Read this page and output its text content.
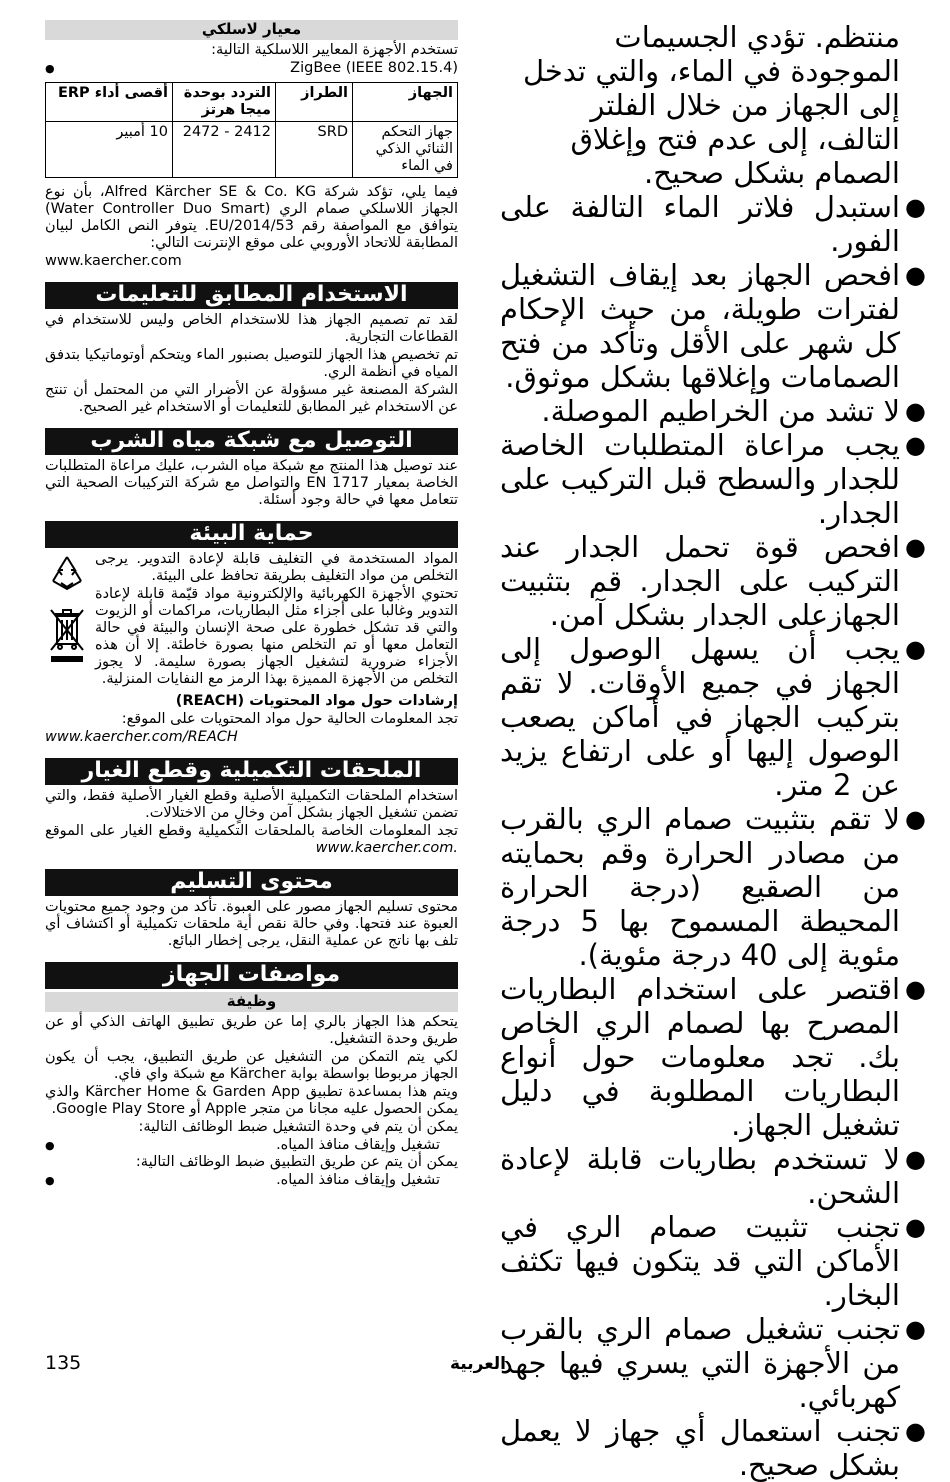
معيار لاسلكي
تستخدم الأجهزة المعايير اللاسلكية التالية:
ZigBee (IEEE 802.15.4) ●
الجهاز	الطراز	التردد بوحدة ميجا هرتز	أقصى أداء ERP
جهاز التحكم الثنائي الذكي في الماء	SRD	2412 - 2472	10 أمبير
فيما يلي، تؤكد شركة Alfred Kärcher SE & Co. KG، بأن نوع الجهاز اللاسلكي صمام الري (Water Controller Duo Smart) يتوافق مع المواصفة رقم EU/2014/53. يتوفر النص الكامل لبيان المطابقة للاتحاد الأوروبي على موقع الإنترنت التالي:
www.kaercher.com
الاستخدام المطابق للتعليمات
لقد تم تصميم الجهاز هذا للاستخدام الخاص وليس للاستخدام في القطاعات التجارية.
تم تخصيص هذا الجهاز للتوصيل بصنبور الماء ويتحكم أوتوماتيكيا بتدفق المياه في أنظمة الري.
الشركة المصنعة غير مسؤولة عن الأضرار التي من المحتمل أن تنتج عن الاستخدام غير المطابق للتعليمات أو الاستخدام غير الصحيح.
التوصيل مع شبكة مياه الشرب
عند توصيل هذا المنتج مع شبكة مياه الشرب، عليك مراعاة المتطلبات الخاصة بمعيار EN 1717 والتواصل مع شركة التركيبات الصحية التي تتعامل معها في حالة وجود أسئلة.
حماية البيئة
المواد المستخدمة في التغليف قابلة لإعادة التدوير. يرجى التخلص من مواد التغليف بطريقة تحافظ على البيئة.
تحتوي الأجهزة الكهربائية والإلكترونية مواد قيّمة قابلة لإعادة التدوير وغالبا على أجزاء مثل البطاريات، مراكمات أو الزيوت والتي قد تشكل خطورة على صحة الإنسان والبيئة في حالة التعامل معها أو تم التخلص منها بصورة خاطئة. إلا أن هذه الأجزاء ضرورية لتشغيل الجهاز بصورة سليمة. لا يجوز التخلص من الأجهزة المميزة بهذا الرمز مع النفايات المنزلية.
إرشادات حول مواد المحتويات (REACH)
تجد المعلومات الحالية حول مواد المحتويات على الموقع:
www.kaercher.com/REACH
الملحقات التكميلية وقطع الغيار
استخدام الملحقات التكميلية الأصلية وقطع الغيار الأصلية فقط، والتي تضمن تشغيل الجهاز بشكل آمن وخالٍ من الاختلالات.
تجد المعلومات الخاصة بالملحقات التكميلية وقطع الغيار على الموقع www.kaercher.com.
محتوى التسليم
محتوى تسليم الجهاز مصور على العبوة. تأكد من وجود جميع محتويات العبوة عند فتحها. وفي حالة نقص أية ملحقات تكميلية أو اكتشاف أي تلف بها ناتج عن عملية النقل، يرجى إخطار البائع.
مواصفات الجهاز
وظيفة
يتحكم هذا الجهاز بالري إما عن طريق تطبيق الهاتف الذكي أو عن طريق وحدة التشغيل.
لكي يتم التمكن من التشغيل عن طريق التطبيق، يجب أن يكون الجهاز مربوطا بواسطة بوابة Kärcher مع شبكة واي فاي.
ويتم هذا بمساعدة تطبيق Kärcher Home & Garden App والذي يمكن الحصول عليه مجانا من متجر Apple أو Google Play Store.
يمكن أن يتم في وحدة التشغيل ضبط الوظائف التالية:
تشغيل وإيقاف منافذ المياه. ●
يمكن أن يتم عن طريق التطبيق ضبط الوظائف التالية:
تشغيل وإيقاف منافذ المياه. ●
منتظم. تؤدي الجسيمات الموجودة في الماء، والتي تدخل إلى الجهاز من خلال الفلتر التالف، إلى عدم فتح وإغلاق الصمام بشكل صحيح.
●
استبدل فلاتر الماء التالفة على الفور.
●
افحص الجهاز بعد إيقاف التشغيل لفترات طويلة، من حيث الإحكام كل شهر على الأقل وتأكد من فتح الصمامات وإغلاقها بشكل موثوق.
●
لا تشد من الخراطيم الموصلة.
●
يجب مراعاة المتطلبات الخاصة للجدار والسطح قبل التركيب على الجدار.
●
افحص قوة تحمل الجدار عند التركيب على الجدار. قم بتثبيت الجهازعلى الجدار بشكل آمن.
●
يجب أن يسهل الوصول إلى الجهاز في جميع الأوقات. لا تقم بتركيب الجهاز في أماكن يصعب الوصول إليها أو على ارتفاع يزيد عن 2 متر.
●
لا تقم بتثبيت صمام الري بالقرب من مصادر الحرارة وقم بحمايته من الصقيع (درجة الحرارة المحيطة المسموح بها 5 درجة مئوية إلى 40 درجة مئوية).
●
اقتصر على استخدام البطاريات المصرح بها لصمام الري الخاص بك. تجد معلومات حول أنواع البطاريات المطلوبة في دليل تشغيل الجهاز.
●
لا تستخدم بطاريات قابلة لإعادة الشحن.
●
تجنب تثبيت صمام الري في الأماكن التي قد يتكون فيها تكثف البخار.
●
تجنب تشغيل صمام الري بالقرب من الأجهزة التي يسري فيها جهد كهربائي.
●
تجنب استعمال أي جهاز لا يعمل بشكل صحيح.
135	العربية
